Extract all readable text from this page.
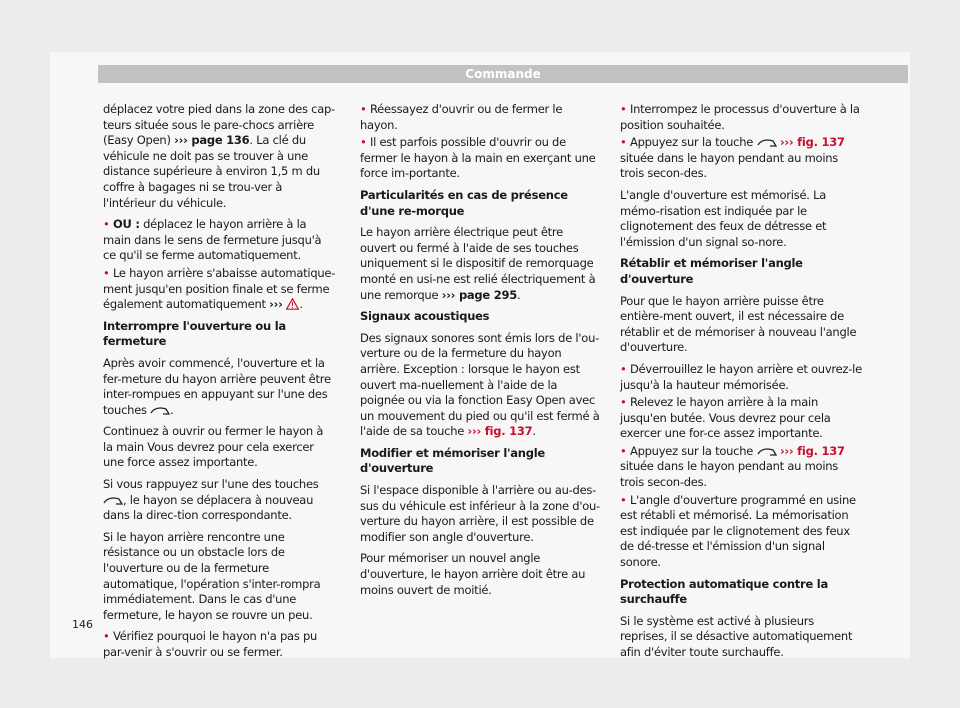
Commande

déplacez votre pied dans la zone des cap-teurs située sous le pare-chocs arrière (Easy Open) ››› page 136. La clé du véhicule ne doit pas se trouver à une distance supérieure à environ 1,5 m du coffre à bagages ni se trou-ver à l'intérieur du véhicule.

• OU : déplacez le hayon arrière à la main dans le sens de fermeture jusqu'à ce qu'il se ferme automatiquement.

• Le hayon arrière s'abaisse automatique-ment jusqu'en position finale et se ferme également automatiquement ››› .

Interrompre l'ouverture ou la fermeture

Après avoir commencé, l'ouverture et la fer-meture du hayon arrière peuvent être inter-rompues en appuyant sur l'une des touches .

Continuez à ouvrir ou fermer le hayon à la main Vous devrez pour cela exercer une force assez importante.

Si vous rappuyez sur l'une des touches , le hayon se déplacera à nouveau dans la direc-tion correspondante.

Si le hayon arrière rencontre une résistance ou un obstacle lors de l'ouverture ou de la fermeture automatique, l'opération s'inter-rompra immédiatement. Dans le cas d'une fermeture, le hayon se rouvre un peu.

• Vérifiez pourquoi le hayon n'a pas pu par-venir à s'ouvrir ou se fermer.

• Réessayez d'ouvrir ou de fermer le hayon.

• Il est parfois possible d'ouvrir ou de fermer le hayon à la main en exerçant une force im-portante.

Particularités en cas de présence d'une re-morque

Le hayon arrière électrique peut être ouvert ou fermé à l'aide de ses touches uniquement si le dispositif de remorquage monté en usi-ne est relié électriquement à une remorque ››› page 295.

Signaux acoustiques

Des signaux sonores sont émis lors de l'ou-verture ou de la fermeture du hayon arrière. Exception : lorsque le hayon est ouvert ma-nuellement à l'aide de la poignée ou via la fonction Easy Open avec un mouvement du pied ou qu'il est fermé à l'aide de sa touche ››› fig. 137.

Modifier et mémoriser l'angle d'ouverture

Si l'espace disponible à l'arrière ou au-des-sus du véhicule est inférieur à la zone d'ou-verture du hayon arrière, il est possible de modifier son angle d'ouverture.

Pour mémoriser un nouvel angle d'ouverture, le hayon arrière doit être au moins ouvert de moitié.

• Interrompez le processus d'ouverture à la position souhaitée.

• Appuyez sur la touche ››› fig. 137 située dans le hayon pendant au moins trois secon-des.

L'angle d'ouverture est mémorisé. La mémo-risation est indiquée par le clignotement des feux de détresse et l'émission d'un signal so-nore.

Rétablir et mémoriser l'angle d'ouverture

Pour que le hayon arrière puisse être entière-ment ouvert, il est nécessaire de rétablir et de mémoriser à nouveau l'angle d'ouverture.

• Déverrouillez le hayon arrière et ouvrez-le jusqu'à la hauteur mémorisée.

• Relevez le hayon arrière à la main jusqu'en butée. Vous devrez pour cela exercer une for-ce assez importante.

• Appuyez sur la touche ››› fig. 137 située dans le hayon pendant au moins trois secon-des.

• L'angle d'ouverture programmé en usine est rétabli et mémorisé. La mémorisation est indiquée par le clignotement des feux de dé-tresse et l'émission d'un signal sonore.

Protection automatique contre la surchauffe

Si le système est activé à plusieurs reprises, il se désactive automatiquement afin d'éviter toute surchauffe.

146
